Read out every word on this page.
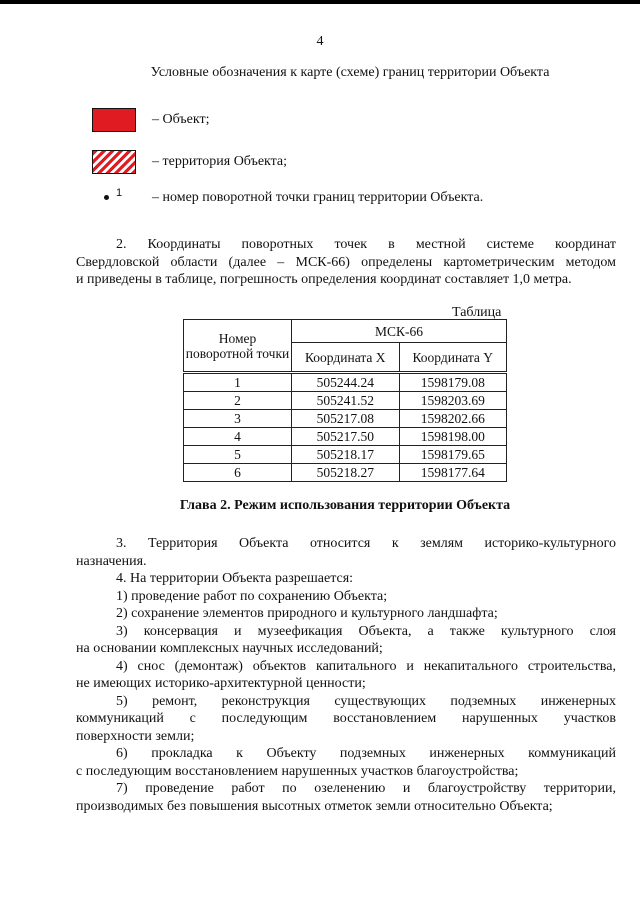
4
Условные обозначения к карте (схеме) границ территории Объекта
– Объект;
– территория Объекта;
1 – номер поворотной точки границ территории Объекта.

2. Координаты поворотных точек в местной системе координат

Свердловской области (далее – МСК-66) определены картометрическим методом

и приведены в таблице, погрешность определения координат составляет 1,0 метра.

Таблица
Номер поворотной точки	МСК-66	
	Координата X	Координата Y
1	505244.24	1598179.08
2	505241.52	1598203.69
3	505217.08	1598202.66
4	505217.50	1598198.00
5	505218.17	1598179.65
6	505218.27	1598177.64
Глава 2. Режим использования территории Объекта

3. Территория Объекта относится к землям историко-культурного

назначения.

4. На территории Объекта разрешается:

1) проведение работ по сохранению Объекта;

2) сохранение элементов природного и культурного ландшафта;

3) консервация и музеефикация Объекта, а также культурного слоя

на основании комплексных научных исследований;

4) снос (демонтаж) объектов капитального и некапитального строительства,

не имеющих историко-архитектурной ценности;

5) ремонт, реконструкция существующих подземных инженерных

коммуникаций с последующим восстановлением нарушенных участков

поверхности земли;

6) прокладка к Объекту подземных инженерных коммуникаций

с последующим восстановлением нарушенных участков благоустройства;

7) проведение работ по озеленению и благоустройству территории,

производимых без повышения высотных отметок земли относительно Объекта;
